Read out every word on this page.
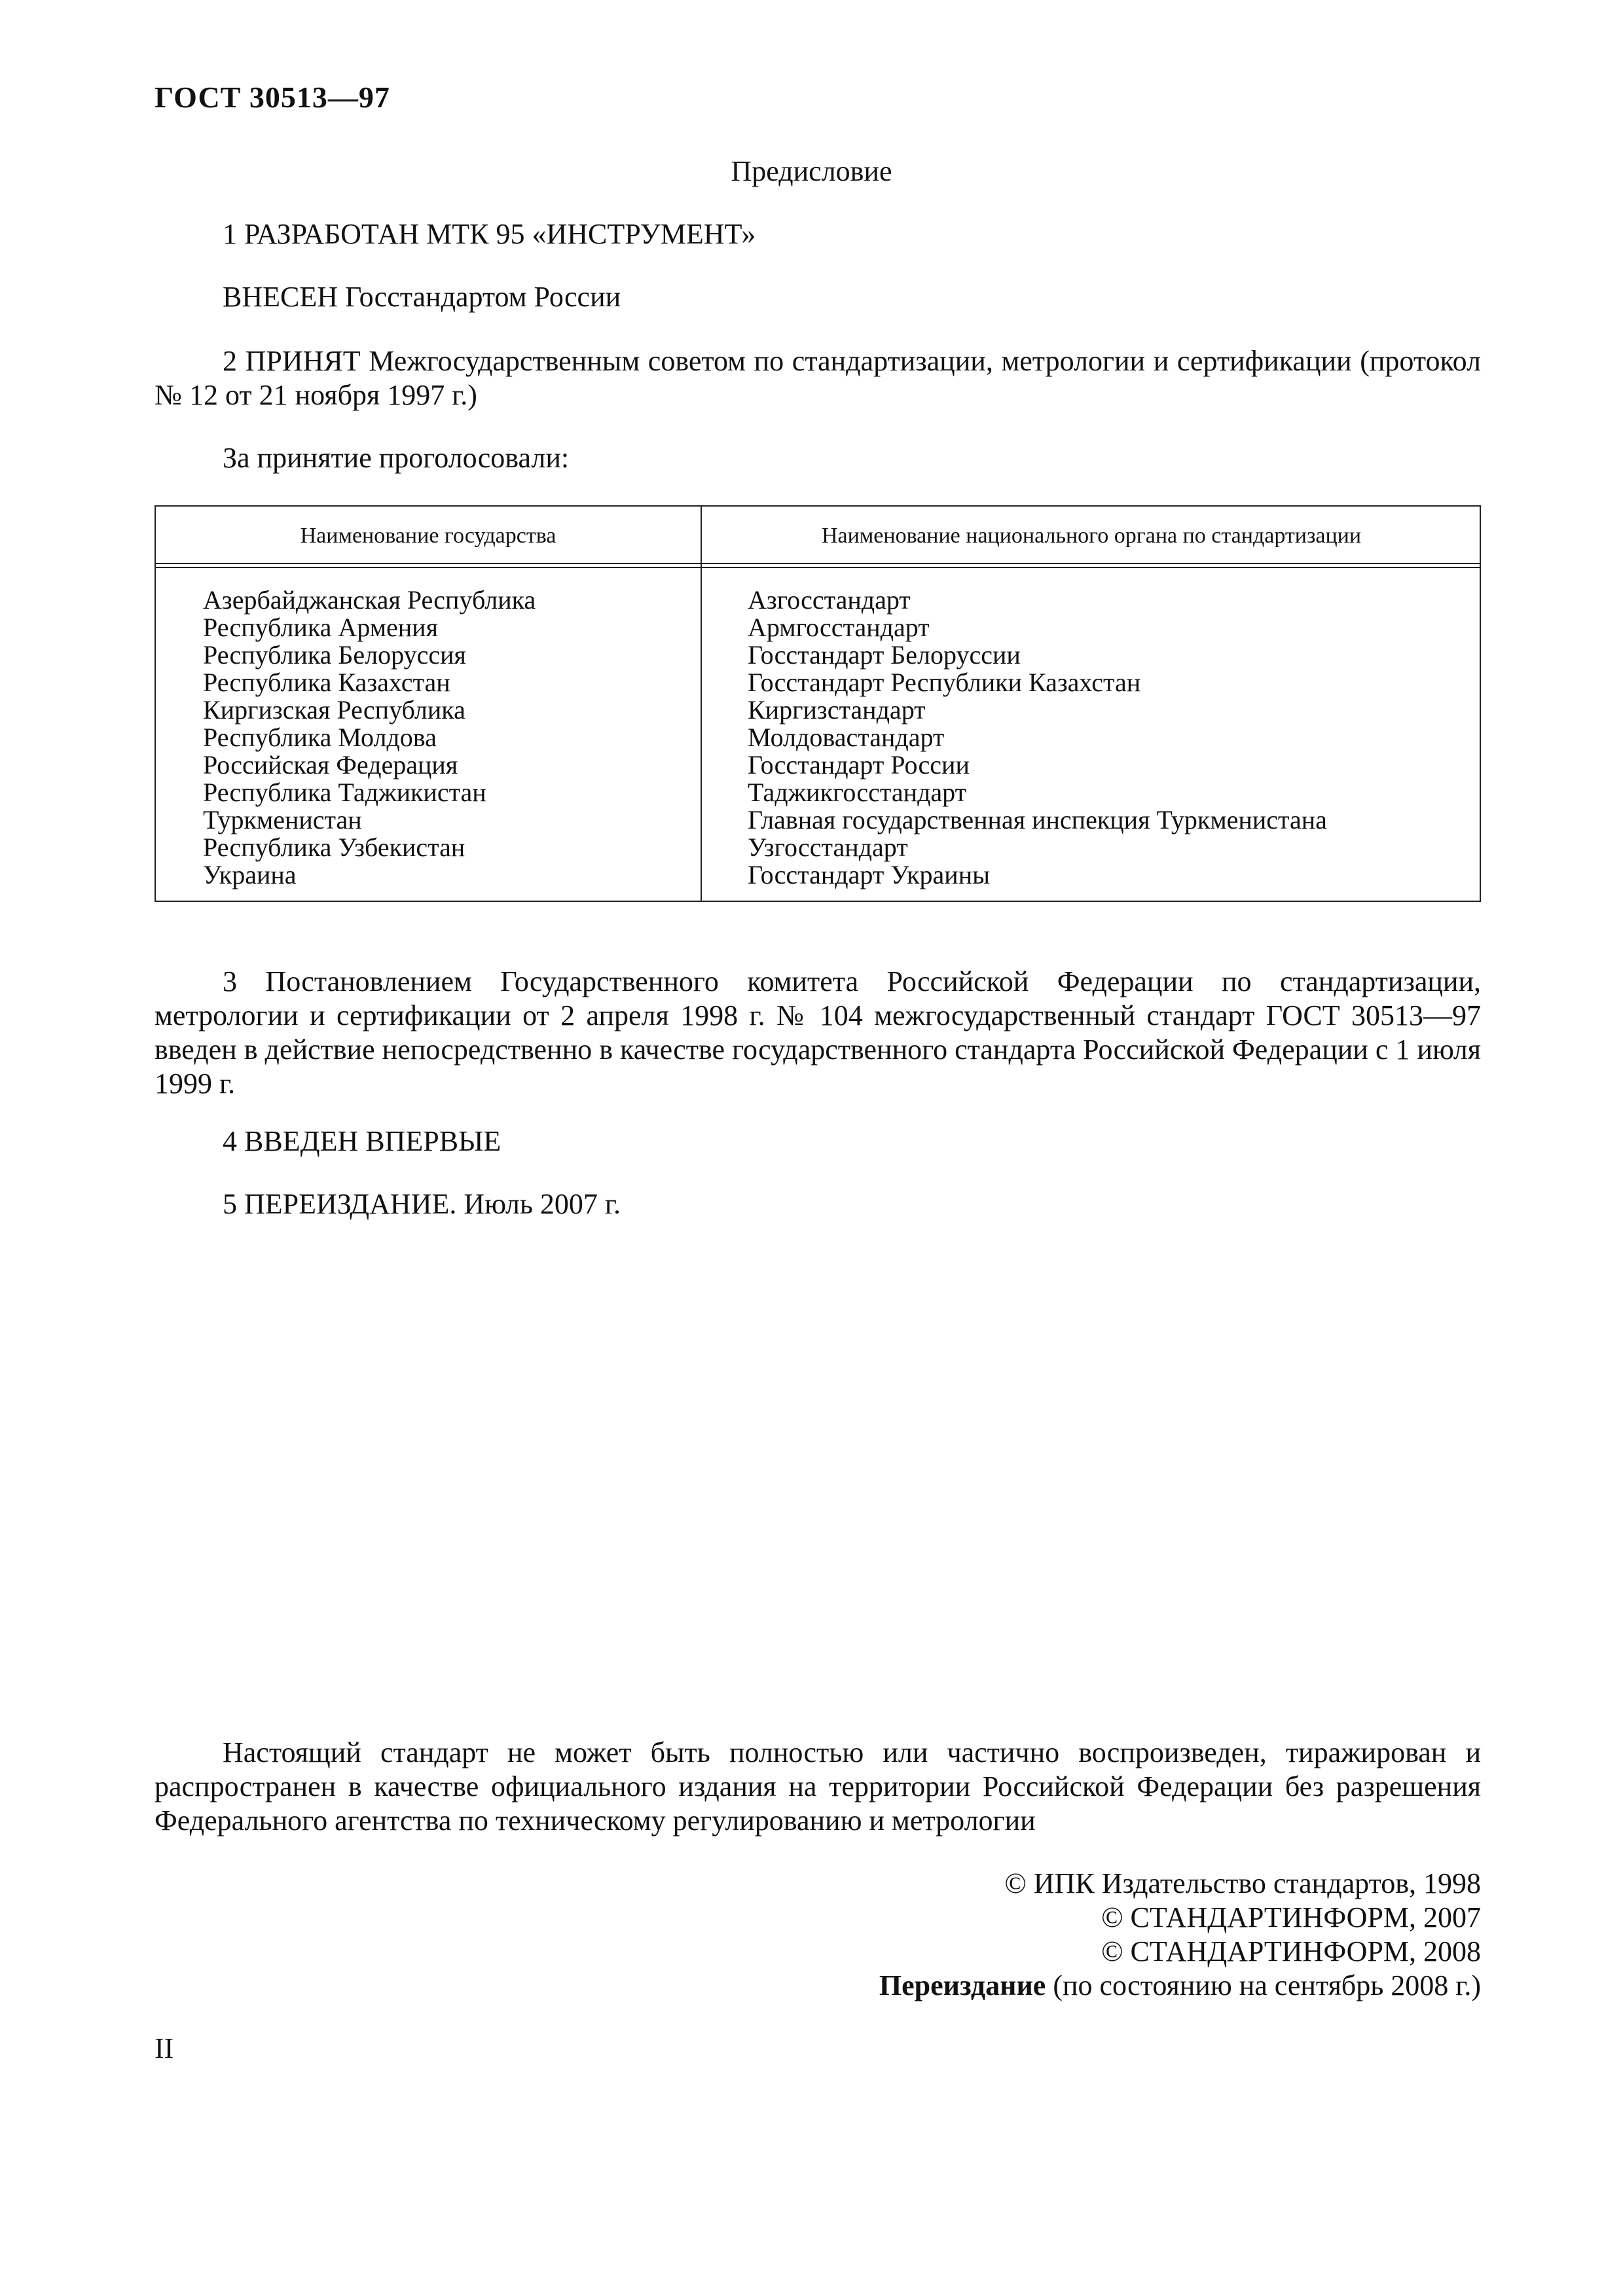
ГОСТ 30513—97
Предисловие
1 РАЗРАБОТАН МТК 95 «ИНСТРУМЕНТ»
ВНЕСЕН Госстандартом России
2 ПРИНЯТ Межгосударственным советом по стандартизации, метрологии и сертификации (протокол № 12 от 21 ноября 1997 г.)
За принятие проголосовали:
Наименование государства	Наименование национального органа по стандартизации
Азербайджанская Республика
Республика Армения
Республика Белоруссия
Республика Казахстан
Киргизская Республика
Республика Молдова
Российская Федерация
Республика Таджикистан
Туркменистан
Республика Узбекистан
Украина
Азгосстандарт
Армгосстандарт
Госстандарт Белоруссии
Госстандарт Республики Казахстан
Киргизстандарт
Молдовастандарт
Госстандарт России
Таджикгосстандарт
Главная государственная инспекция Туркменистана
Узгосстандарт
Госстандарт Украины
3 Постановлением Государственного комитета Российской Федерации по стандартизации, метрологии и сертификации от 2 апреля 1998 г. № 104 межгосударственный стандарт ГОСТ 30513—97 введен в действие непосредственно в качестве государственного стандарта Российской Федерации с 1 июля 1999 г.
4 ВВЕДЕН ВПЕРВЫЕ
5 ПЕРЕИЗДАНИЕ. Июль 2007 г.
Настоящий стандарт не может быть полностью или частично воспроизведен, тиражирован и распространен в качестве официального издания на территории Российской Федерации без разрешения Федерального агентства по техническому регулированию и метрологии
© ИПК Издательство стандартов, 1998
© СТАНДАРТИНФОРМ, 2007
© СТАНДАРТИНФОРМ, 2008
Переиздание (по состоянию на сентябрь 2008 г.)
II
